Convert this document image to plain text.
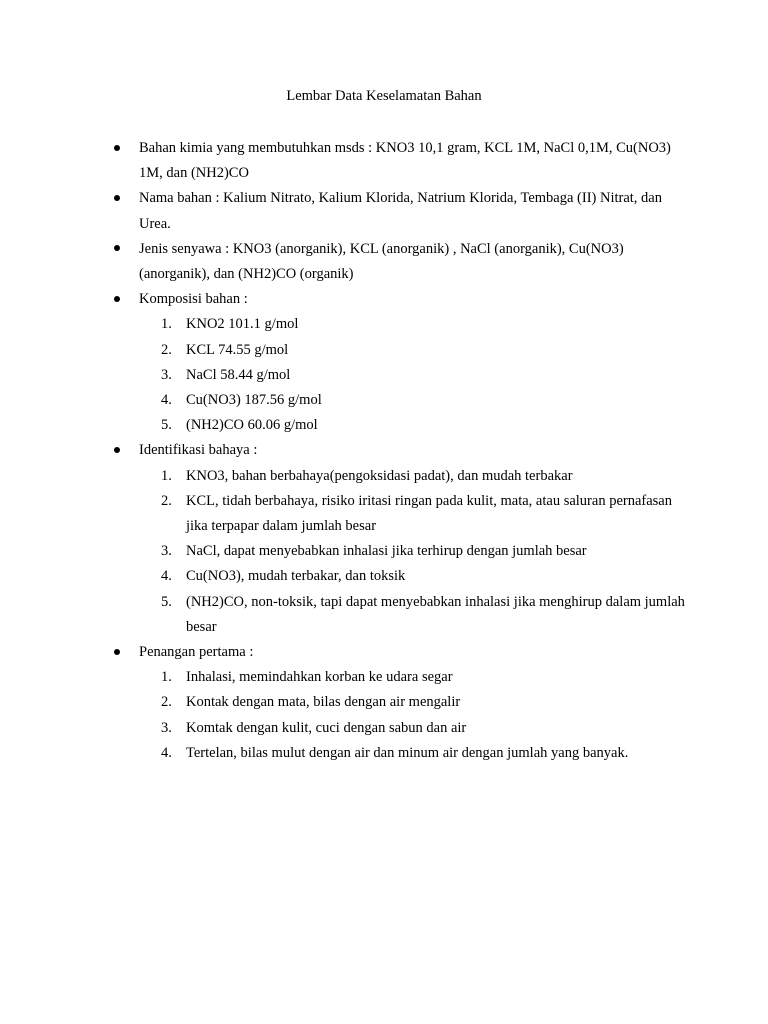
Lembar Data Keselamatan Bahan
Bahan kimia yang membutuhkan msds : KNO3 10,1 gram, KCL 1M, NaCl 0,1M, Cu(NO3) 1M, dan (NH2)CO
Nama bahan : Kalium Nitrato, Kalium Klorida, Natrium Klorida, Tembaga (II) Nitrat, dan Urea.
Jenis senyawa : KNO3 (anorganik), KCL (anorganik) , NaCl (anorganik), Cu(NO3) (anorganik), dan (NH2)CO (organik)
Komposisi bahan :
1. KNO2 101.1 g/mol
2. KCL 74.55 g/mol
3. NaCl 58.44 g/mol
4. Cu(NO3) 187.56 g/mol
5. (NH2)CO 60.06 g/mol
Identifikasi bahaya :
1. KNO3, bahan berbahaya(pengoksidasi padat), dan mudah terbakar
2. KCL, tidah berbahaya, risiko iritasi ringan pada kulit, mata, atau saluran pernafasan jika terpapar dalam jumlah besar
3. NaCl, dapat menyebabkan inhalasi jika terhirup dengan jumlah besar
4. Cu(NO3), mudah terbakar, dan toksik
5. (NH2)CO, non-toksik, tapi dapat menyebabkan inhalasi jika menghirup dalam jumlah besar
Penangan pertama :
1. Inhalasi, memindahkan korban ke udara segar
2. Kontak dengan mata, bilas dengan air mengalir
3. Komtak dengan kulit, cuci dengan sabun dan air
4. Tertelan, bilas mulut dengan air dan minum air dengan jumlah yang banyak.
